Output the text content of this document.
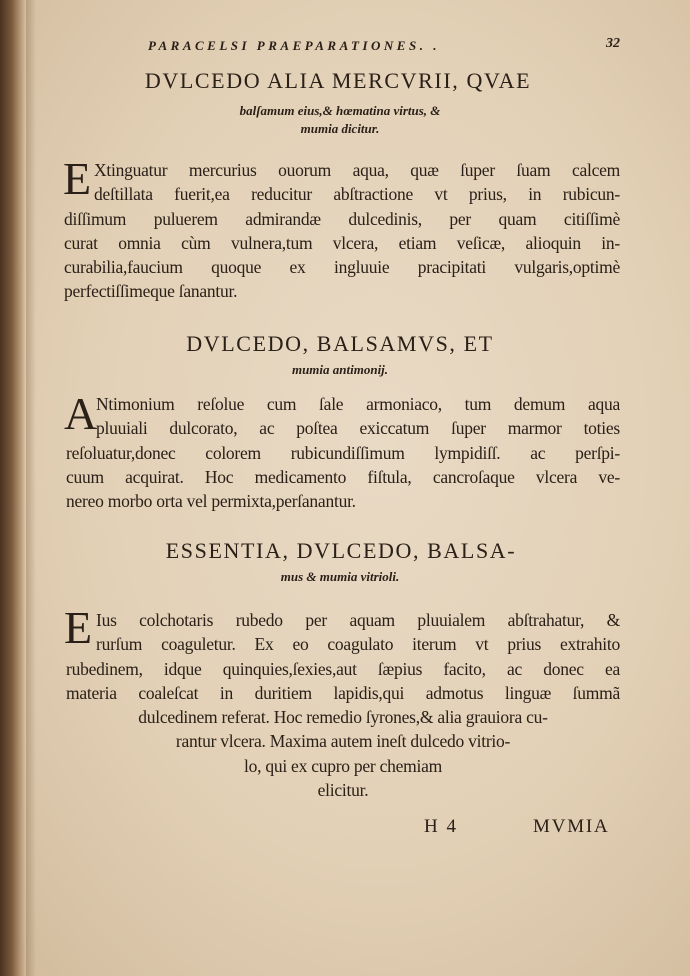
PARACELSI PRAEPARATIONES. .	32
DVLCEDO ALIA MERCVRII, QVAE
balſamum eius,& hœmatina virtus, &
mumia dicitur.
E Xtinguatur mercurius ouorum aqua, quæ ſuper ſuam calcem
deſtillata fuerit,ea reducitur abſtractione vt prius, in rubicun-
diſſimum puluerem admirandæ dulcedinis, per quam citiſſimè
curat omnia cùm vulnera,tum vlcera, etiam veſicæ, alioquin in-
curabilia,faucium quoque ex ingluuie pracipitati vulgaris,optimè
perfectiſſimeque ſanantur.
DVLCEDO, BALSAMVS, ET
mumia antimonij.
A
Ntimonium reſolue cum ſale armoniaco, tum demum aqua
pluuiali dulcorato, ac poſtea exiccatum ſuper marmor toties
reſoluatur,donec colorem rubicundiſſimum lympidiſſ. ac perſpi-
cuum acquirat. Hoc medicamento fiſtula, cancroſaque vlcera ve-
nereo morbo orta vel permixta,perſanantur.
ESSENTIA, DVLCEDO, BALSA-
mus & mumia vitrioli.
E Ius colchotaris rubedo per aquam pluuialem abſtrahatur, &
rurſum coaguletur. Ex eo coagulato iterum vt prius extrahito
rubedinem, idque quinquies,ſexies,aut ſæpius facito, ac donec ea
materia coaleſcat in duritiem lapidis,qui admotus linguæ ſummã
dulcedinem referat. Hoc remedio ſyrones,& alia grauiora cu-
rantur vlcera. Maxima autem ineſt dulcedo vitrio-
lo, qui ex cupro per chemiam
elicitur.
H 4	MVMIA
